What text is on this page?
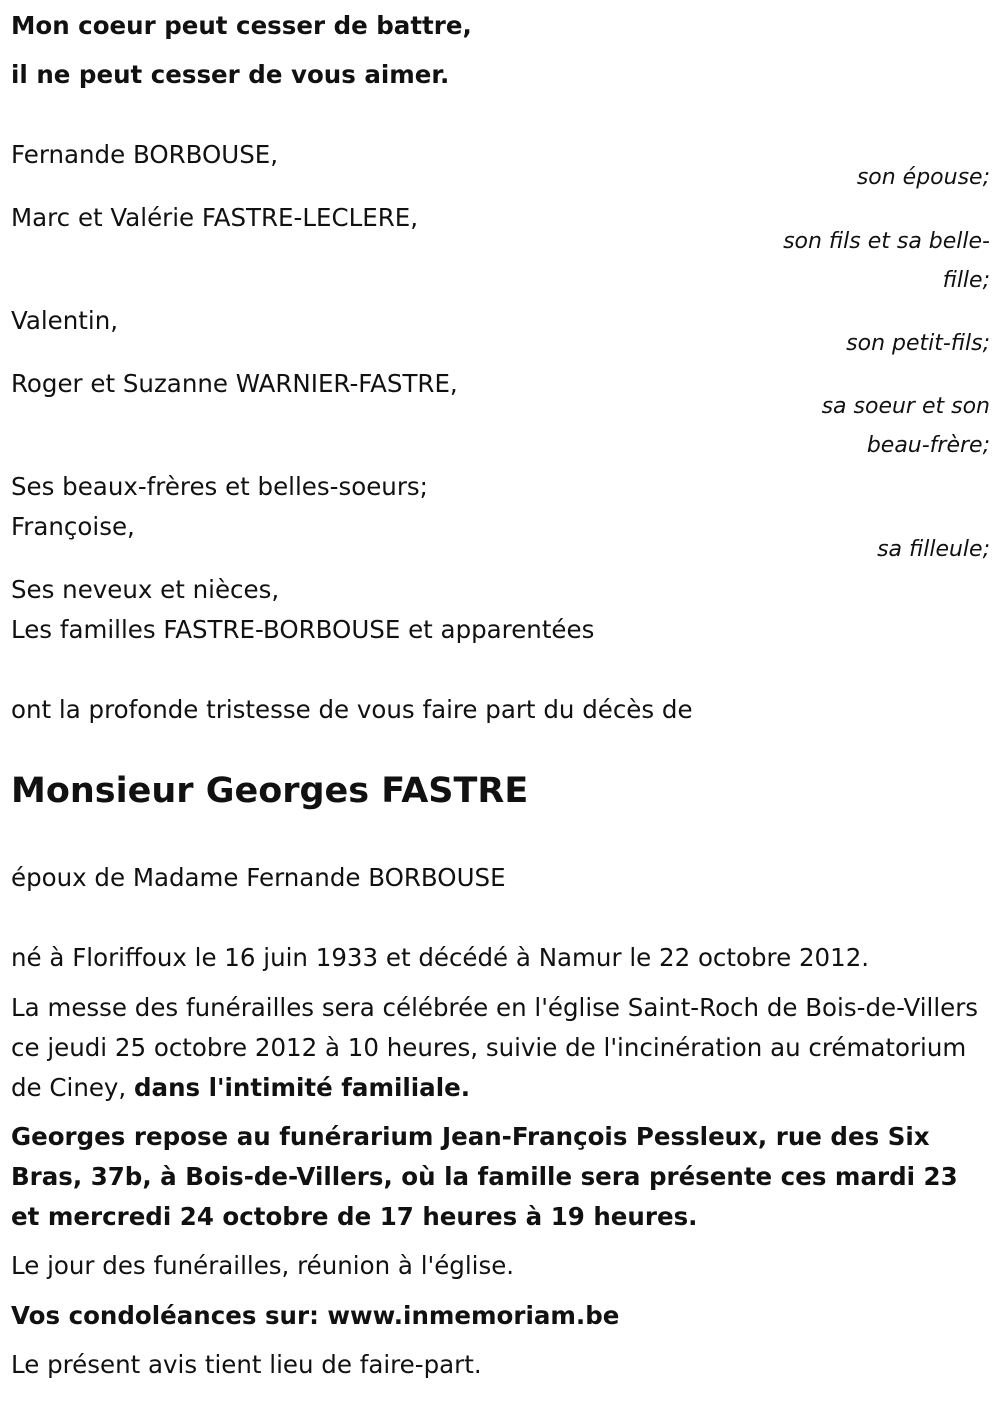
Mon coeur peut cesser de battre,

il ne peut cesser de vous aimer.

Fernande BORBOUSE,

son épouse;

Marc et Valérie FASTRE-LECLERE,

son fils et sa belle-

fille;

Valentin,

son petit-fils;

Roger et Suzanne WARNIER-FASTRE,

sa soeur et son

beau-frère;

Ses beaux-frères et belles-soeurs;

Françoise,

sa filleule;

Ses neveux et nièces,

Les familles FASTRE-BORBOUSE et apparentées

ont la profonde tristesse de vous faire part du décès de

Monsieur Georges FASTRE

époux de Madame Fernande BORBOUSE

né à Floriffoux le 16 juin 1933 et décédé à Namur le 22 octobre 2012.

La messe des funérailles sera célébrée en l'église Saint-Roch de Bois-de-Villers ce jeudi 25 octobre 2012 à 10 heures, suivie de l'incinération au crématorium de Ciney, dans l'intimité familiale.

Georges repose au funérarium Jean-François Pessleux, rue des Six Bras, 37b, à Bois-de-Villers, où la famille sera présente ces mardi 23 et mercredi 24 octobre de 17 heures à 19 heures.

Le jour des funérailles, réunion à l'église.

Vos condoléances sur: www.inmemoriam.be

Le présent avis tient lieu de faire-part.
